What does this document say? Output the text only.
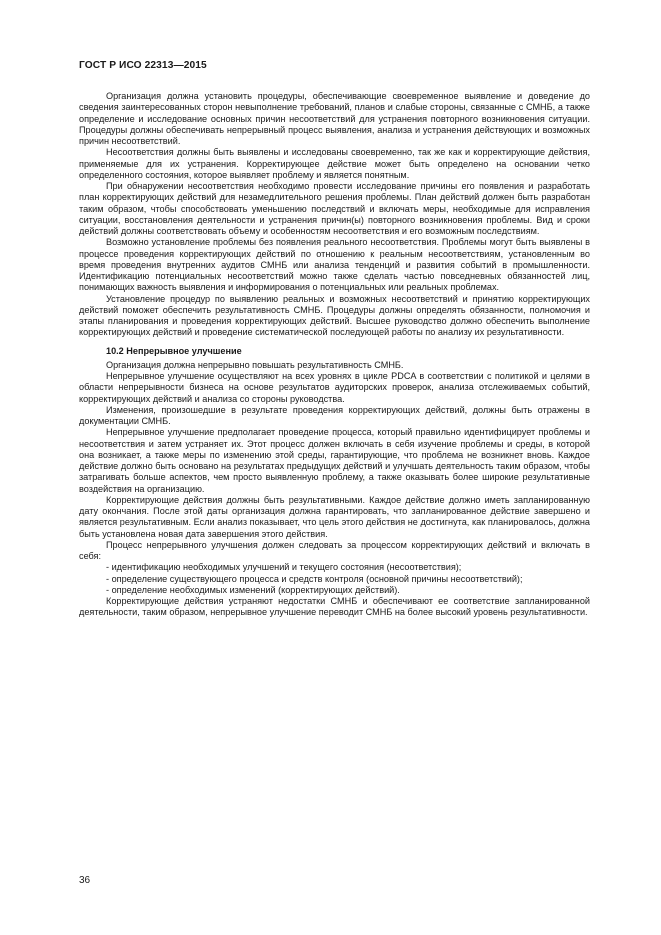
ГОСТ Р ИСО 22313—2015

Организация должна установить процедуры, обеспечивающие своевременное выявление и доведение до сведения заинтересованных сторон невыполнение требований, планов и слабые стороны, связанные с СМНБ, а также определение и исследование основных причин несоответствий для устранения повторного возникновения ситуации. Процедуры должны обеспечивать непрерывный процесс выявления, анализа и устранения действующих и возможных причин несоответствий.

Несоответствия должны быть выявлены и исследованы своевременно, так же как и корректирующие действия, применяемые для их устранения. Корректирующее действие может быть определено на основании четко определенного состояния, которое выявляет проблему и является понятным.

При обнаружении несоответствия необходимо провести исследование причины его появления и разработать план корректирующих действий для незамедлительного решения проблемы. План действий должен быть разработан таким образом, чтобы способствовать уменьшению последствий и включать меры, необходимые для исправления ситуации, восстановления деятельности и устранения причин(ы) повторного возникновения проблемы. Вид и сроки действий должны соответствовать объему и особенностям несоответствия и его возможным последствиям.

Возможно установление проблемы без появления реального несоответствия. Проблемы могут быть выявлены в процессе проведения корректирующих действий по отношению к реальным несоответствиям, установленным во время проведения внутренних аудитов СМНБ или анализа тенденций и развития событий в промышленности. Идентификацию потенциальных несоответствий можно также сделать частью повседневных обязанностей лиц, понимающих важность выявления и информирования о потенциальных или реальных проблемах.

Установление процедур по выявлению реальных и возможных несоответствий и принятию корректирующих действий поможет обеспечить результативность СМНБ. Процедуры должны определять обязанности, полномочия и этапы планирования и проведения корректирующих действий. Высшее руководство должно обеспечить выполнение корректирующих действий и проведение систематической последующей работы по анализу их результативности.

10.2 Непрерывное улучшение

Организация должна непрерывно повышать результативность СМНБ.

Непрерывное улучшение осуществляют на всех уровнях в цикле PDCA в соответствии с политикой и целями в области непрерывности бизнеса на основе результатов аудиторских проверок, анализа отслеживаемых событий, корректирующих действий и анализа со стороны руководства.

Изменения, произошедшие в результате проведения корректирующих действий, должны быть отражены в документации СМНБ.

Непрерывное улучшение предполагает проведение процесса, который правильно идентифицирует проблемы и несоответствия и затем устраняет их. Этот процесс должен включать в себя изучение проблемы и среды, в которой она возникает, а также меры по изменению этой среды, гарантирующие, что проблема не возникнет вновь. Каждое действие должно быть основано на результатах предыдущих действий и улучшать деятельность таким образом, чтобы затрагивать больше аспектов, чем просто выявленную проблему, а также оказывать более широкие результативные воздействия на организацию.

Корректирующие действия должны быть результативными. Каждое действие должно иметь запланированную дату окончания. После этой даты организация должна гарантировать, что запланированное действие завершено и является результативным. Если анализ показывает, что цель этого действия не достигнута, как планировалось, должна быть установлена новая дата завершения этого действия.

Процесс непрерывного улучшения должен следовать за процессом корректирующих действий и включать в себя:

- идентификацию необходимых улучшений и текущего состояния (несоответствия);
- определение существующего процесса и средств контроля (основной причины несоответствий);
- определение необходимых изменений (корректирующих действий).

Корректирующие действия устраняют недостатки СМНБ и обеспечивают ее соответствие запланированной деятельности, таким образом, непрерывное улучшение переводит СМНБ на более высокий уровень результативности.

36
